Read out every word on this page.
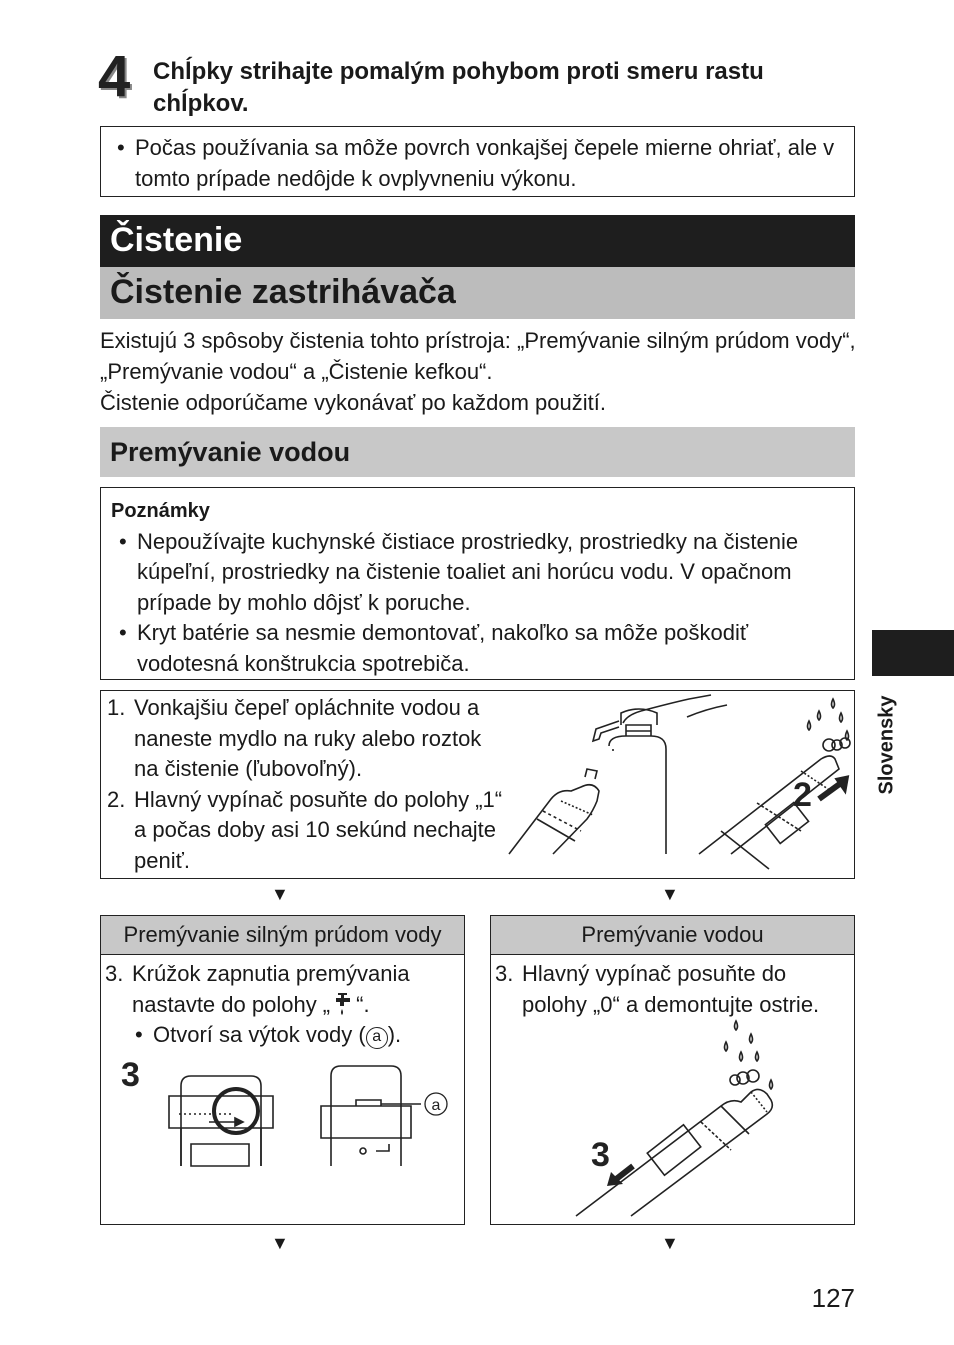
4 Chĺpky strihajte pomalým pohybom proti smeru rastu chĺpkov.
• Počas používania sa môže povrch vonkajšej čepele mierne ohriať, ale v tomto prípade nedôjde k ovplyvneniu výkonu.
Čistenie
Čistenie zastrihávača
Existujú 3 spôsoby čistenia tohto prístroja: „Premývanie silným prúdom vody“, „Premývanie vodou“ a „Čistenie kefkou“.
Čistenie odporúčame vykonávať po každom použití.
Premývanie vodou
Poznámky
• Nepoužívajte kuchynské čistiace prostriedky, prostriedky na čistenie kúpeľní, prostriedky na čistenie toaliet ani horúcu vodu. V opačnom prípade by mohlo dôjsť k poruche.
• Kryt batérie sa nesmie demontovať, nakoľko sa môže poškodiť vodotesná konštrukcia spotrebiča.
1. Vonkajšiu čepeľ opláchnite vodou a naneste mydlo na ruky alebo roztok na čistenie (ľubovoľný).
2. Hlavný vypínač posuňte do polohy „1“ a počas doby asi 10 sekúnd nechajte peniť.
2
▼	▼
Premývanie silným prúdom vody
3. Krúžok zapnutia premývania nastavte do polohy „ “.
• Otvorí sa výtok vody ( a ).
3
a
Premývanie vodou
3. Hlavný vypínač posuňte do polohy „0“ a demontujte ostrie.
3
▼	▼
Slovensky
127
